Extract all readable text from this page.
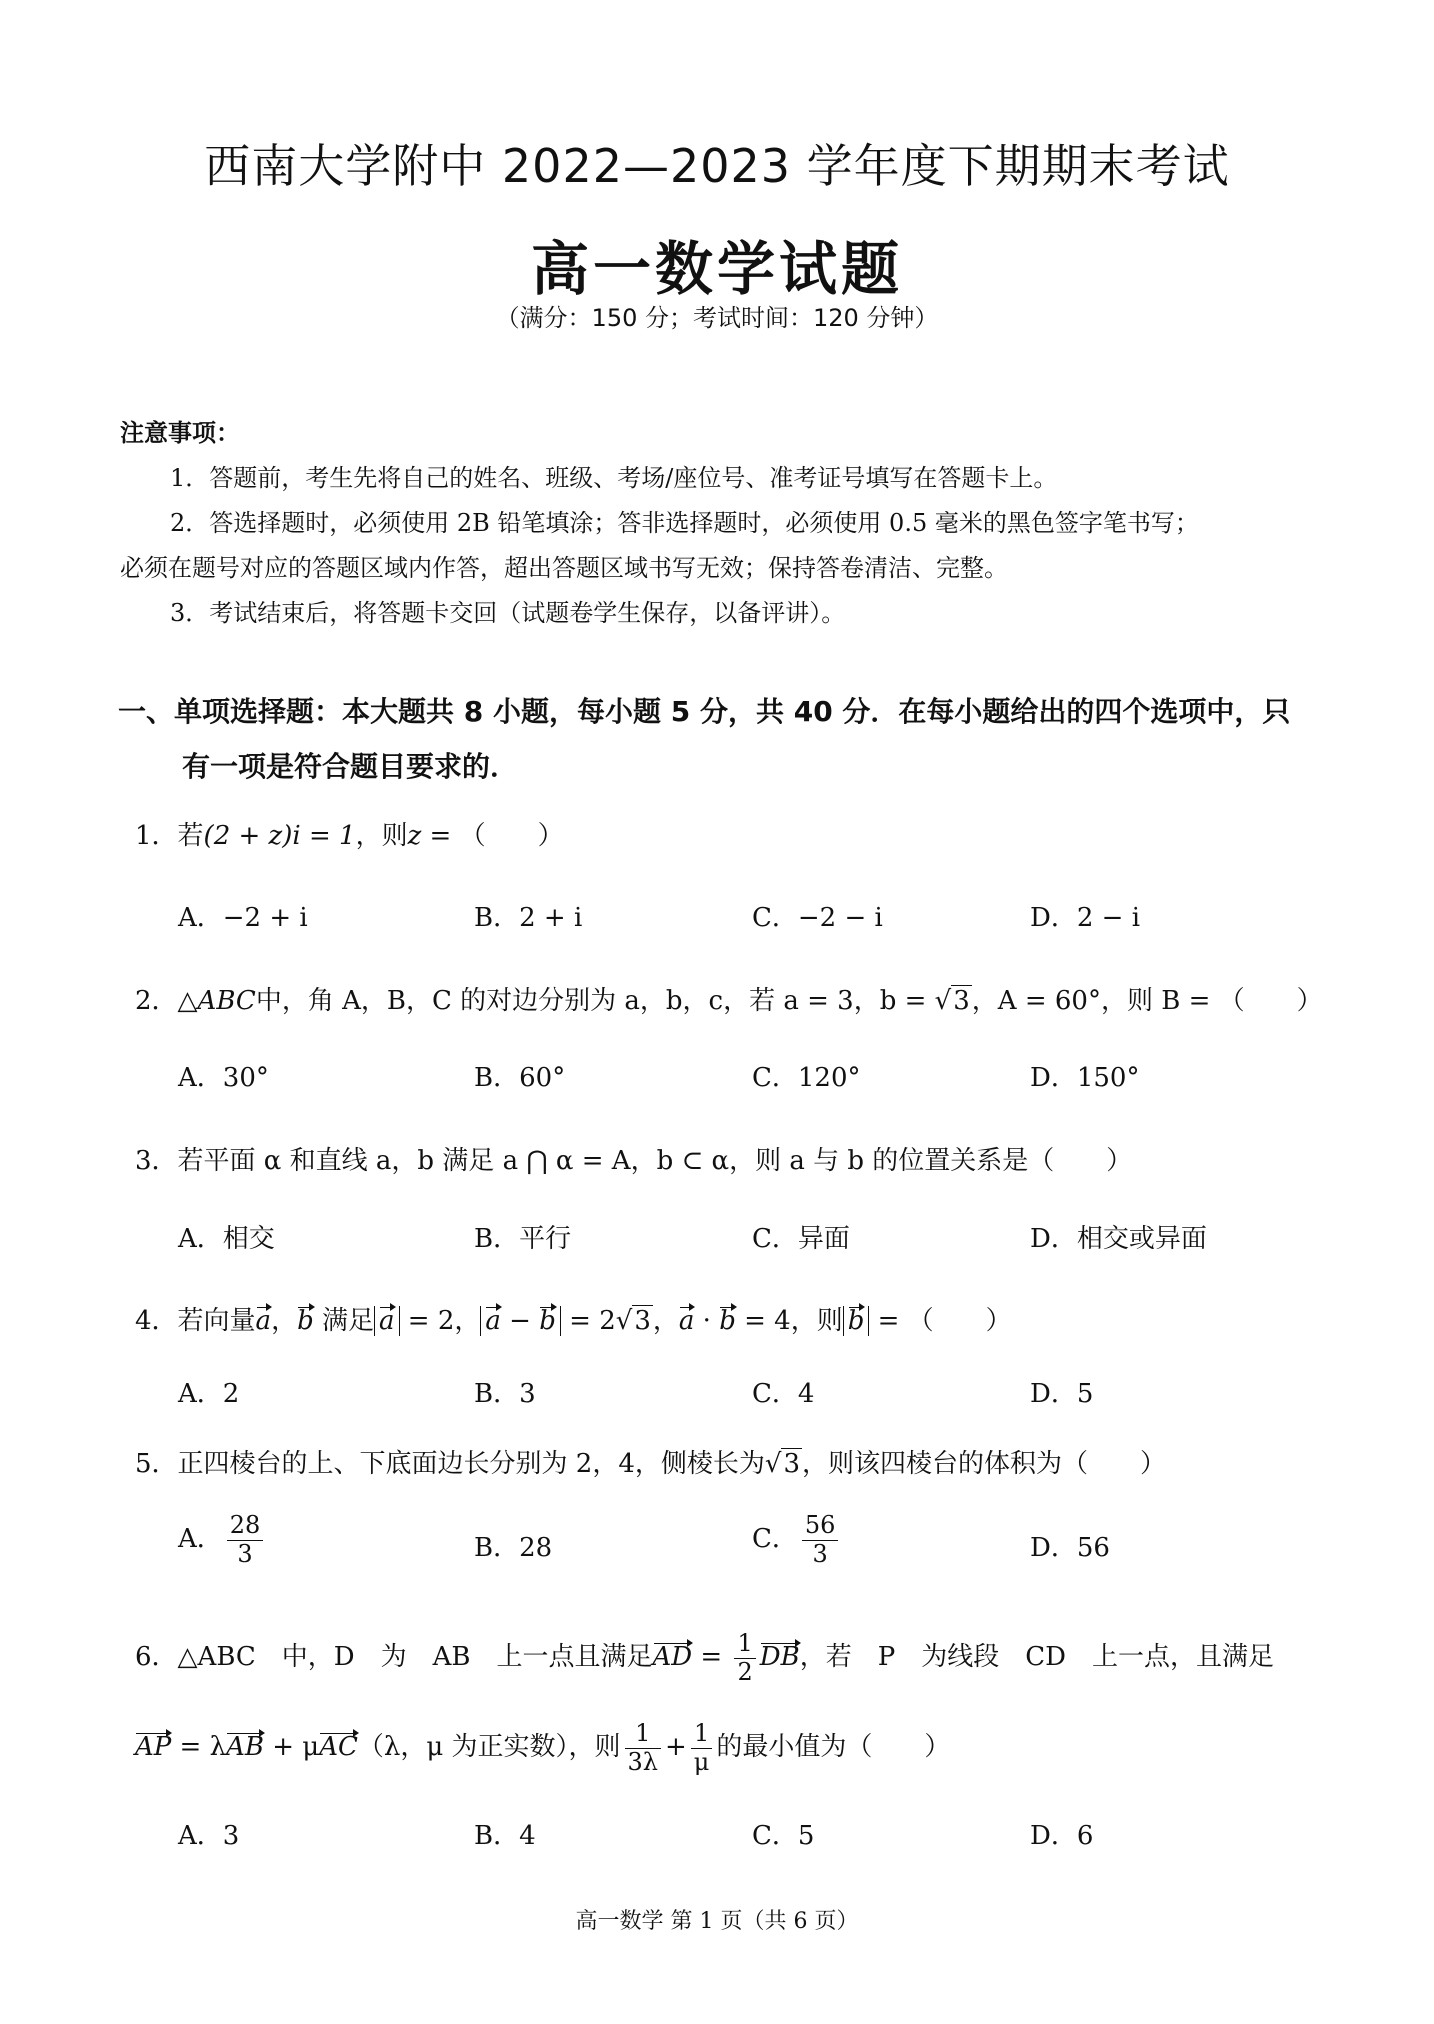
西南大学附中 2022—2023 学年度下期期末考试
高一数学试题
（满分：150 分；考试时间：120 分钟）
注意事项：
1．答题前，考生先将自己的姓名、班级、考场/座位号、准考证号填写在答题卡上。
2．答选择题时，必须使用 2B 铅笔填涂；答非选择题时，必须使用 0.5 毫米的黑色签字笔书写；
必须在题号对应的答题区域内作答，超出答题区域书写无效；保持答卷清洁、完整。
3．考试结束后，将答题卡交回（试题卷学生保存，以备评讲）。
一、单项选择题：本大题共 8 小题，每小题 5 分，共 40 分．在每小题给出的四个选项中，只
有一项是符合题目要求的．
1．若(2 + z)i = 1，则z = （　　）
A．−2 + i	B．2 + i	C．−2 − i	D．2 − i
2．△ABC中，角 A，B，C 的对边分别为 a，b，c，若 a = 3，b = √3，A = 60°，则 B = （　　）
A．30°	B．60°	C．120°	D．150°
3．若平面 α 和直线 a，b 满足 a ⋂ α = A，b ⊂ α，则 a 与 b 的位置关系是（　　）
A．相交	B．平行	C．异面	D．相交或异面
4．若向量a，b 满足 a = 2， a − b = 2√3，a · b = 4，则 b = （　　）
A．2	B．3	C．4	D．5
5．正四棱台的上、下底面边长分别为 2，4，侧棱长为√3，则该四棱台的体积为（　　）
A． $\frac{28}{3}$	B．28	C． $\frac{56}{3}$	D．56
6．△ABC　中，D　为　AB　上一点且满足AD = $\frac{1}{2}$ DB，若　P　为线段　CD　上一点，且满足
AP = λAB + μAC（λ，μ 为正实数），则 $\frac{1}{3\lambda} + \frac{1}{\mu}$ 的最小值为（　　）
A．3	B．4	C．5	D．6
高一数学 第 1 页（共 6 页）
